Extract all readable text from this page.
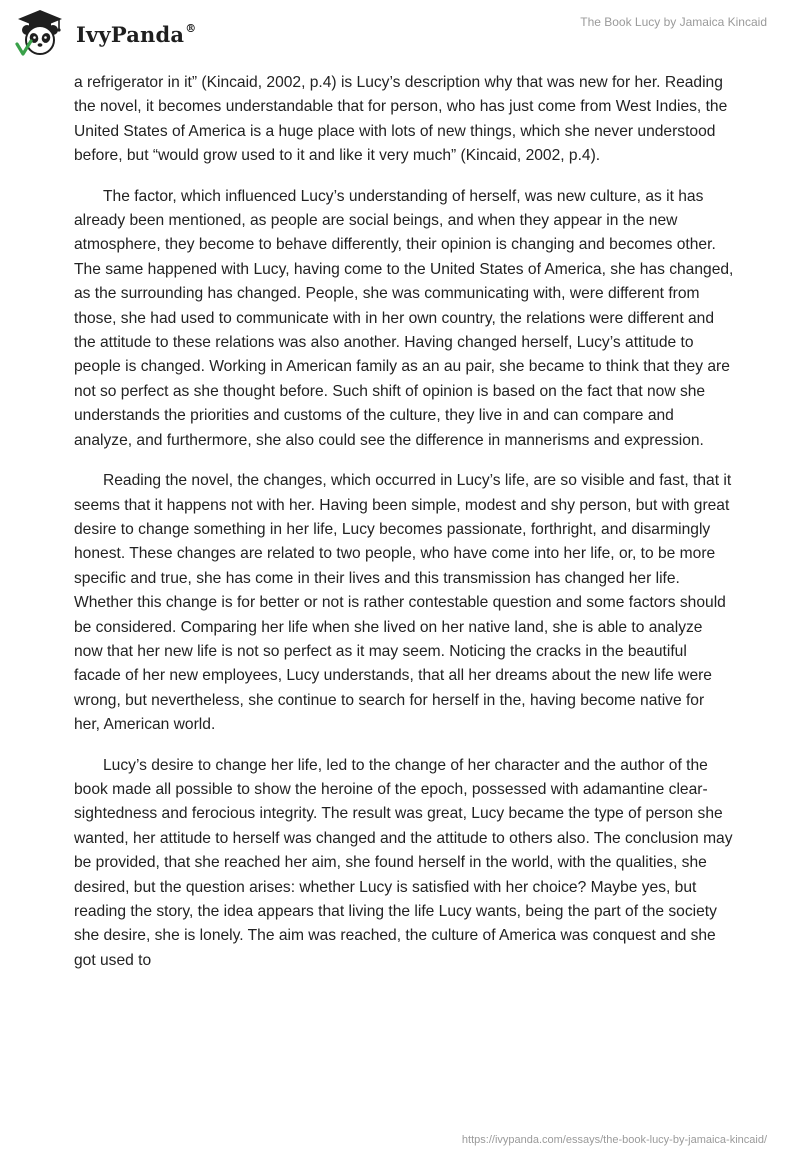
IvyPanda®	The Book Lucy by Jamaica Kincaid

a refrigerator in it” (Kincaid, 2002, p.4) is Lucy’s description why that was new for her. Reading the novel, it becomes understandable that for person, who has just come from West Indies, the United States of America is a huge place with lots of new things, which she never understood before, but “would grow used to it and like it very much” (Kincaid, 2002, p.4).

The factor, which influenced Lucy’s understanding of herself, was new culture, as it has already been mentioned, as people are social beings, and when they appear in the new atmosphere, they become to behave differently, their opinion is changing and becomes other. The same happened with Lucy, having come to the United States of America, she has changed, as the surrounding has changed. People, she was communicating with, were different from those, she had used to communicate with in her own country, the relations were different and the attitude to these relations was also another. Having changed herself, Lucy’s attitude to people is changed. Working in American family as an au pair, she became to think that they are not so perfect as she thought before. Such shift of opinion is based on the fact that now she understands the priorities and customs of the culture, they live in and can compare and analyze, and furthermore, she also could see the difference in mannerisms and expression.

Reading the novel, the changes, which occurred in Lucy’s life, are so visible and fast, that it seems that it happens not with her. Having been simple, modest and shy person, but with great desire to change something in her life, Lucy becomes passionate, forthright, and disarmingly honest. These changes are related to two people, who have come into her life, or, to be more specific and true, she has come in their lives and this transmission has changed her life. Whether this change is for better or not is rather contestable question and some factors should be considered. Comparing her life when she lived on her native land, she is able to analyze now that her new life is not so perfect as it may seem. Noticing the cracks in the beautiful facade of her new employees, Lucy understands, that all her dreams about the new life were wrong, but nevertheless, she continue to search for herself in the, having become native for her, American world.

Lucy’s desire to change her life, led to the change of her character and the author of the book made all possible to show the heroine of the epoch, possessed with adamantine clear-sightedness and ferocious integrity. The result was great, Lucy became the type of person she wanted, her attitude to herself was changed and the attitude to others also. The conclusion may be provided, that she reached her aim, she found herself in the world, with the qualities, she desired, but the question arises: whether Lucy is satisfied with her choice? Maybe yes, but reading the story, the idea appears that living the life Lucy wants, being the part of the society she desire, she is lonely. The aim was reached, the culture of America was conquest and she got used to

https://ivypanda.com/essays/the-book-lucy-by-jamaica-kincaid/
